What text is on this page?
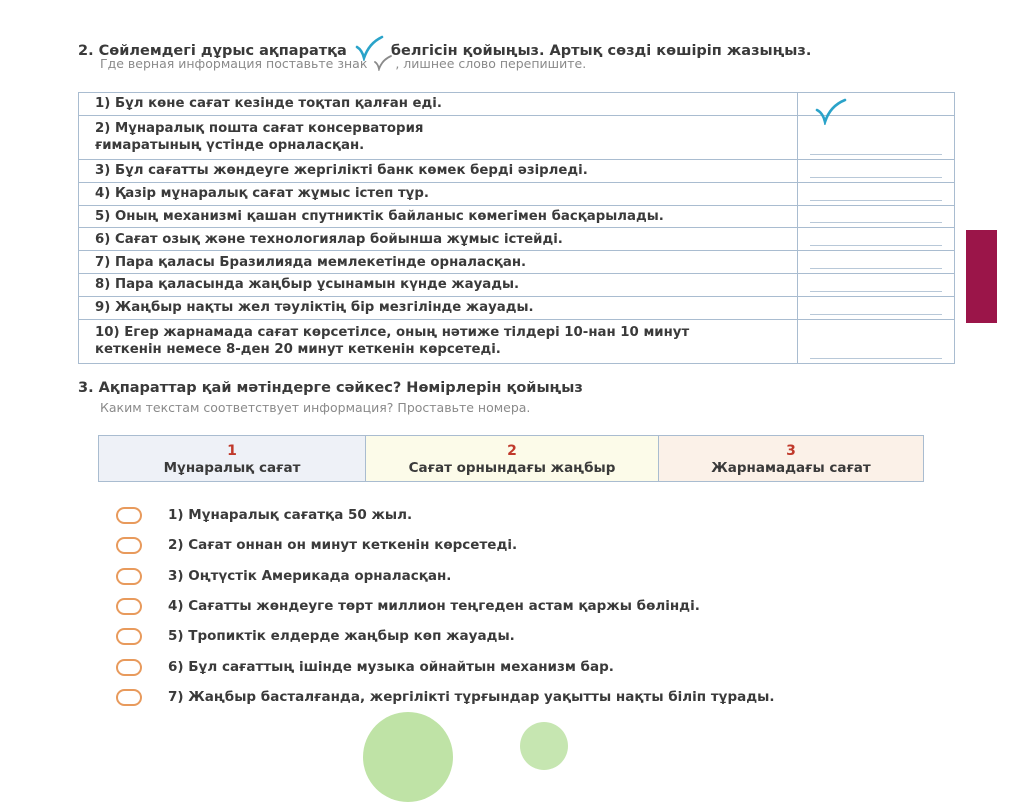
2. Сөйлемдегі дұрыс ақпаратқа	белгісін қойыңыз. Артық сөзді көшіріп жазыңыз.
Где верная информация поставьте знак , лишнее слово перепишите.
1) Бұл көне сағат кезінде тоқтап қалған еді.

2) Мұнаралық пошта сағат консерватория
ғимаратының үстінде орналасқан.	

3) Бұл сағатты жөндеуге жергілікті банк көмек берді әзірледі.	

4) Қазір мұнаралық сағат жұмыс істеп тұр.	

5) Оның механизмі қашан спутниктік байланыс көмегімен басқарылады.	

6) Сағат озық және технологиялар бойынша жұмыс істейді.	

7) Пара қаласы Бразилияда мемлекетінде орналасқан.	

8) Пара қаласында жаңбыр ұсынамын күнде жауады.	

9) Жаңбыр нақты жел тәуліктің бір мезгілінде жауады.	

10) Егер жарнамада сағат көрсетілсе, оның нәтиже тілдері 10-нан 10 минут
кеткенін немесе 8-ден 20 минут кеткенін көрсетеді.	

3. Ақпараттар қай мәтіндерге сәйкес? Нөмірлерін қойыңыз
Каким текстам соответствует информация? Проставьте номера.
1
Мұнаралық сағат
2
Сағат орнындағы жаңбыр
3
Жарнамадағы сағат
1) Мұнаралық сағатқа 50 жыл.
2) Сағат оннан он минут кеткенін көрсетеді.
3) Оңтүстік Америкада орналасқан.
4) Сағатты жөндеуге төрт миллион теңгеден астам қаржы бөлінді.
5) Тропиктік елдерде жаңбыр көп жауады.
6) Бұл сағаттың ішінде музыка ойнайтын механизм бар.
7) Жаңбыр басталғанда, жергілікті тұрғындар уақытты нақты біліп тұрады.
